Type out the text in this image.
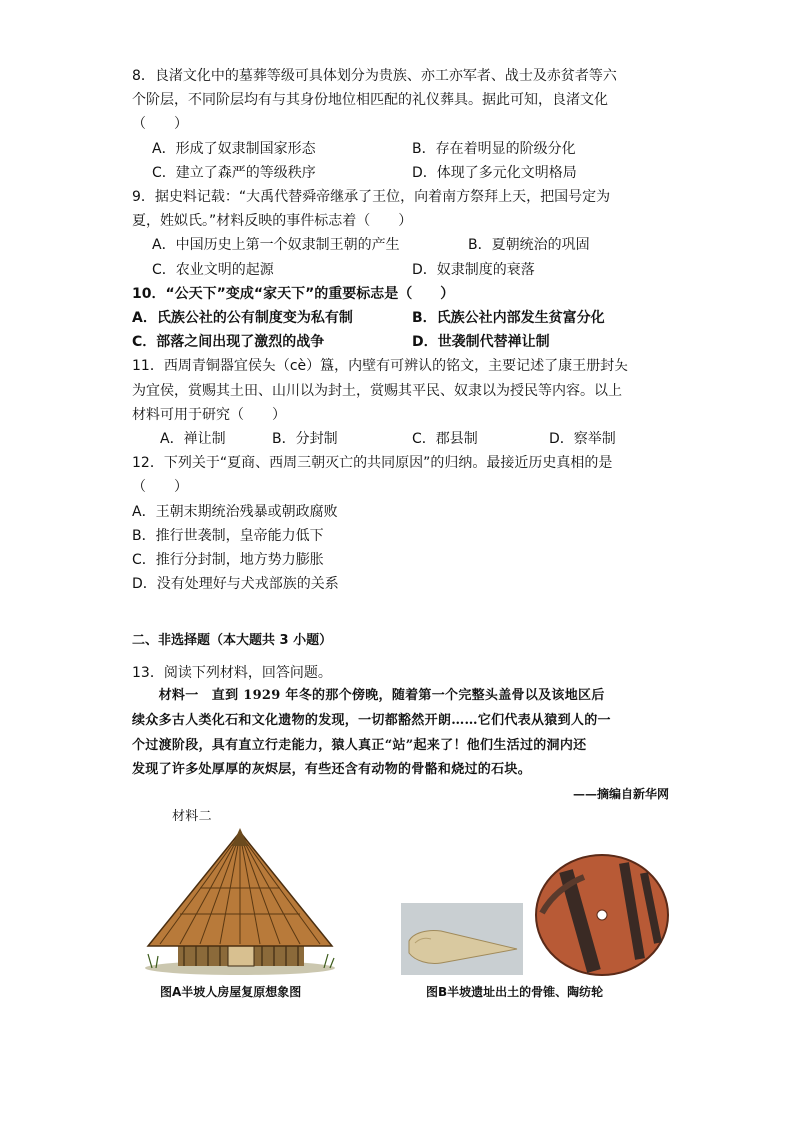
8．良渚文化中的墓葬等级可具体划分为贵族、亦工亦军者、战士及赤贫者等六
个阶层，不同阶层均有与其身份地位相匹配的礼仪葬具。据此可知，良渚文化
（　　）
A．形成了奴隶制国家形态	B．存在着明显的阶级分化
C．建立了森严的等级秩序	D．体现了多元化文明格局
9．据史料记载：“大禹代替舜帝继承了王位，向着南方祭拜上天，把国号定为
夏，姓姒氏。”材料反映的事件标志着（　　）
A．中国历史上第一个奴隶制王朝的产生	B．夏朝统治的巩固
C．农业文明的起源	D．奴隶制度的衰落
10．“公天下”变成“家天下”的重要标志是（　　）
A．氏族公社的公有制度变为私有制	B．氏族公社内部发生贫富分化
C．部落之间出现了激烈的战争	D．世袭制代替禅让制
11．西周青铜器宜侯夨（cè）簋，内壁有可辨认的铭文，主要记述了康王册封夨
为宜侯，赏赐其土田、山川以为封土，赏赐其平民、奴隶以为授民等内容。以上
材料可用于研究（　　）
A．禅让制	B．分封制	C．郡县制	D．察举制
12．下列关于“夏商、西周三朝灭亡的共同原因”的归纳。最接近历史真相的是
（　　）
A．王朝末期统治残暴或朝政腐败
B．推行世袭制，皇帝能力低下
C．推行分封制，地方势力膨胀
D．没有处理好与犬戎部族的关系
二、非选择题（本大题共 3 小题）
13．阅读下列材料，回答问题。
　　材料一　直到 1929 年冬的那个傍晚，随着第一个完整头盖骨以及该地区后
续众多古人类化石和文化遗物的发现，一切都豁然开朗……它们代表从猿到人的一
个过渡阶段，具有直立行走能力，猿人真正“站”起来了！他们生活过的洞内还
发现了许多处厚厚的灰烬层，有些还含有动物的骨骼和烧过的石块。
——摘编自新华网
材料二
图A半坡人房屋复原想象图	图B半坡遗址出土的骨锥、陶纺轮
